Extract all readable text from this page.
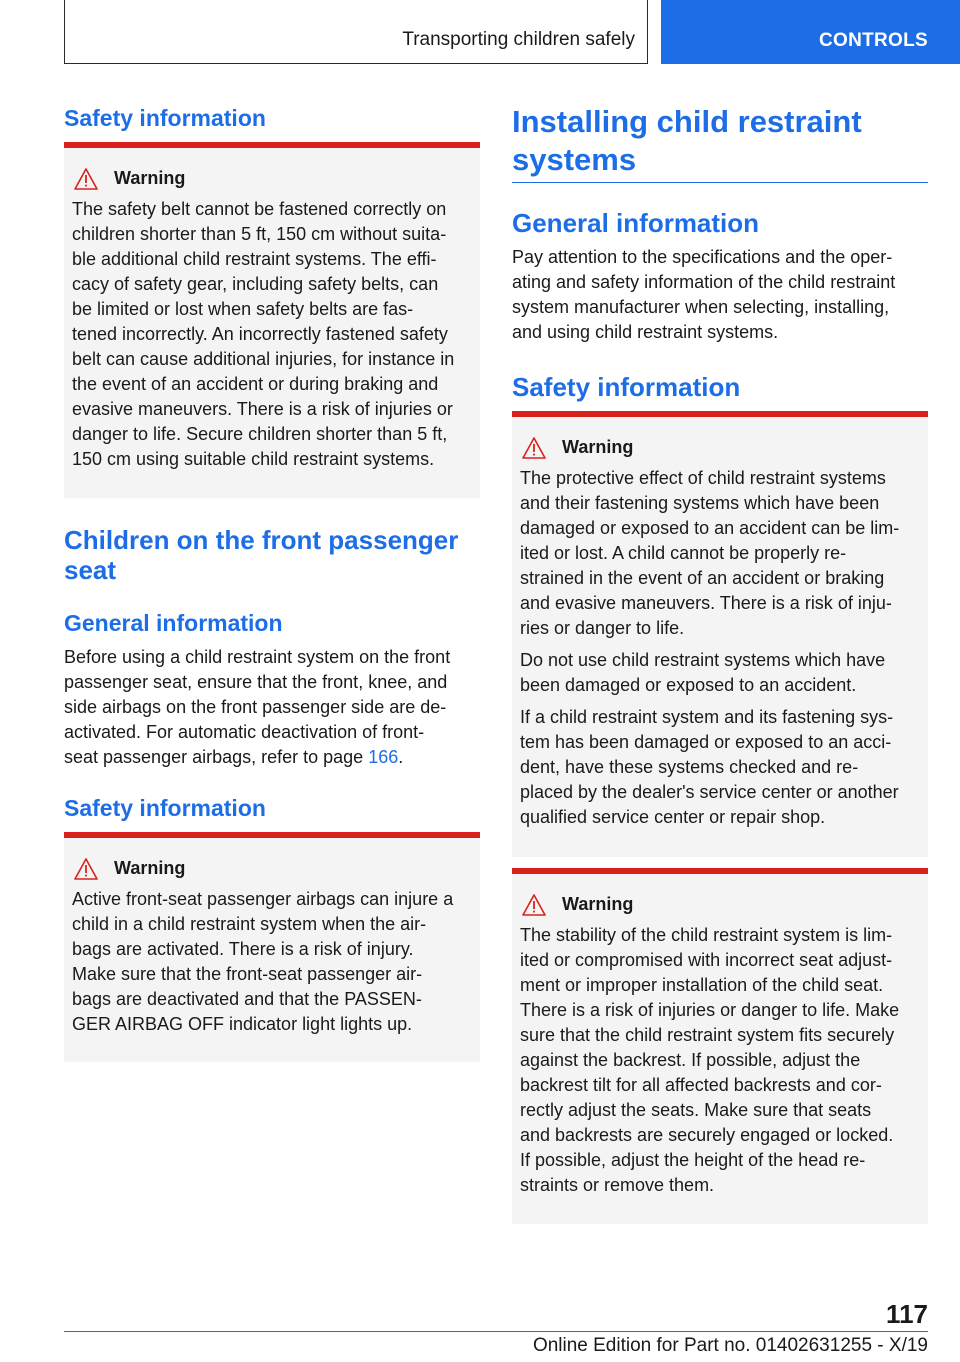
Transporting children safely	CONTROLS
Safety information
Warning
The safety belt cannot be fastened correctly on
children shorter than 5 ft, 150 cm without suita‐
ble additional child restraint systems. The effi‐
cacy of safety gear, including safety belts, can
be limited or lost when safety belts are fas‐
tened incorrectly. An incorrectly fastened safety
belt can cause additional injuries, for instance in
the event of an accident or during braking and
evasive maneuvers. There is a risk of injuries or
danger to life. Secure children shorter than 5 ft,
150 cm using suitable child restraint systems.
Children on the front passenger
seat
General information
Before using a child restraint system on the front
passenger seat, ensure that the front, knee, and
side airbags on the front passenger side are de‐
activated. For automatic deactivation of front-
seat passenger airbags, refer to page 166.
Safety information
Warning
Active front-seat passenger airbags can injure a
child in a child restraint system when the air‐
bags are activated. There is a risk of injury.
Make sure that the front-seat passenger air‐
bags are deactivated and that the PASSEN‐
GER AIRBAG OFF indicator light lights up.
Installing child restraint
systems
General information
Pay attention to the specifications and the oper‐
ating and safety information of the child restraint
system manufacturer when selecting, installing,
and using child restraint systems.
Safety information
Warning

The protective effect of child restraint systems
and their fastening systems which have been
damaged or exposed to an accident can be lim‐
ited or lost. A child cannot be properly re‐
strained in the event of an accident or braking
and evasive maneuvers. There is a risk of inju‐
ries or danger to life.

Do not use child restraint systems which have
been damaged or exposed to an accident.

If a child restraint system and its fastening sys‐
tem has been damaged or exposed to an acci‐
dent, have these systems checked and re‐
placed by the dealer's service center or another
qualified service center or repair shop.

Warning
The stability of the child restraint system is lim‐
ited or compromised with incorrect seat adjust‐
ment or improper installation of the child seat.
There is a risk of injuries or danger to life. Make
sure that the child restraint system fits securely
against the backrest. If possible, adjust the
backrest tilt for all affected backrests and cor‐
rectly adjust the seats. Make sure that seats
and backrests are securely engaged or locked.
If possible, adjust the height of the head re‐
straints or remove them.
117
Online Edition for Part no. 01402631255 - X/19
